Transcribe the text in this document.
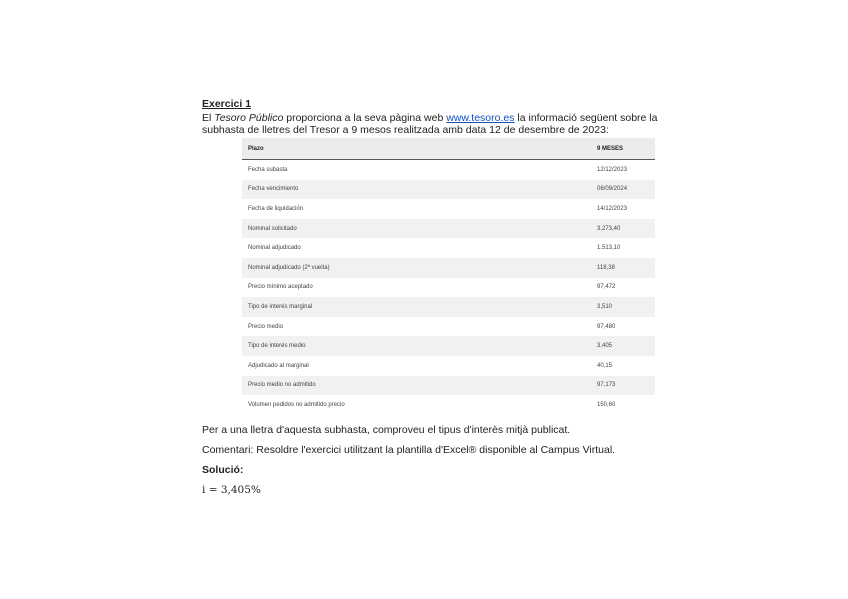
Exercici 1

El Tesoro Público proporciona a la seva pàgina web www.tesoro.es la informació següent sobre la subhasta de lletres del Tresor a 9 mesos realitzada amb data 12 de desembre de 2023:

Plazo	9 MESES
Fecha subasta	12/12/2023
Fecha vencimiento	06/09/2024
Fecha de liquidación	14/12/2023
Nominal solicitado	3.273,40
Nominal adjudicado	1.513,10
Nominal adjudicado (2ª vuelta)	118,38
Precio mínimo aceptado	97,472
Tipo de interés marginal	3,510
Precio medio	97,480
Tipo de interés medio	3,405
Adjudicado al marginal	40,15
Precio medio no admitido	97,173
Volumen pedidos no admitido precio	150,60

Per a una lletra d'aquesta subhasta, comproveu el tipus d'interès mitjà publicat.

Comentari: Resoldre l'exercici utilitzant la plantilla d'Excel® disponible al Campus Virtual.

Solució:

i = 3,405%
